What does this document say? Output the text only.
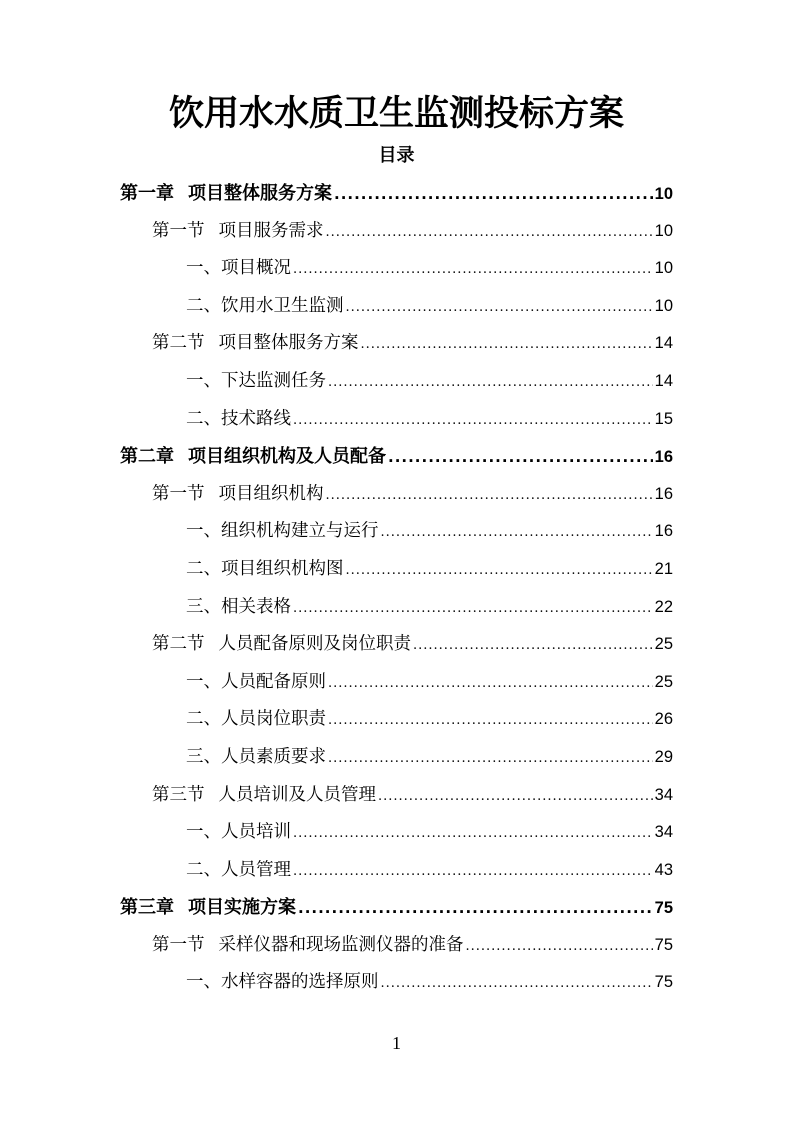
饮用水水质卫生监测投标方案
目录
第一章 项目整体服务方案 .....	10
第一节 项目服务需求 .....	10
一、项目概况 .....	10
二、饮用水卫生监测 .....	10
第二节 项目整体服务方案 .....	14
一、下达监测任务 .....	14
二、技术路线 .....	15
第二章 项目组织机构及人员配备 .....	16
第一节 项目组织机构 .....	16
一、组织机构建立与运行 .....	16
二、项目组织机构图 .....	21
三、相关表格 .....	22
第二节 人员配备原则及岗位职责 .....	25
一、人员配备原则 .....	25
二、人员岗位职责 .....	26
三、人员素质要求 .....	29
第三节 人员培训及人员管理 .....	34
一、人员培训 .....	34
二、人员管理 .....	43
第三章 项目实施方案 .....	75
第一节 采样仪器和现场监测仪器的准备 .....	75
一、水样容器的选择原则 .....	75
1
